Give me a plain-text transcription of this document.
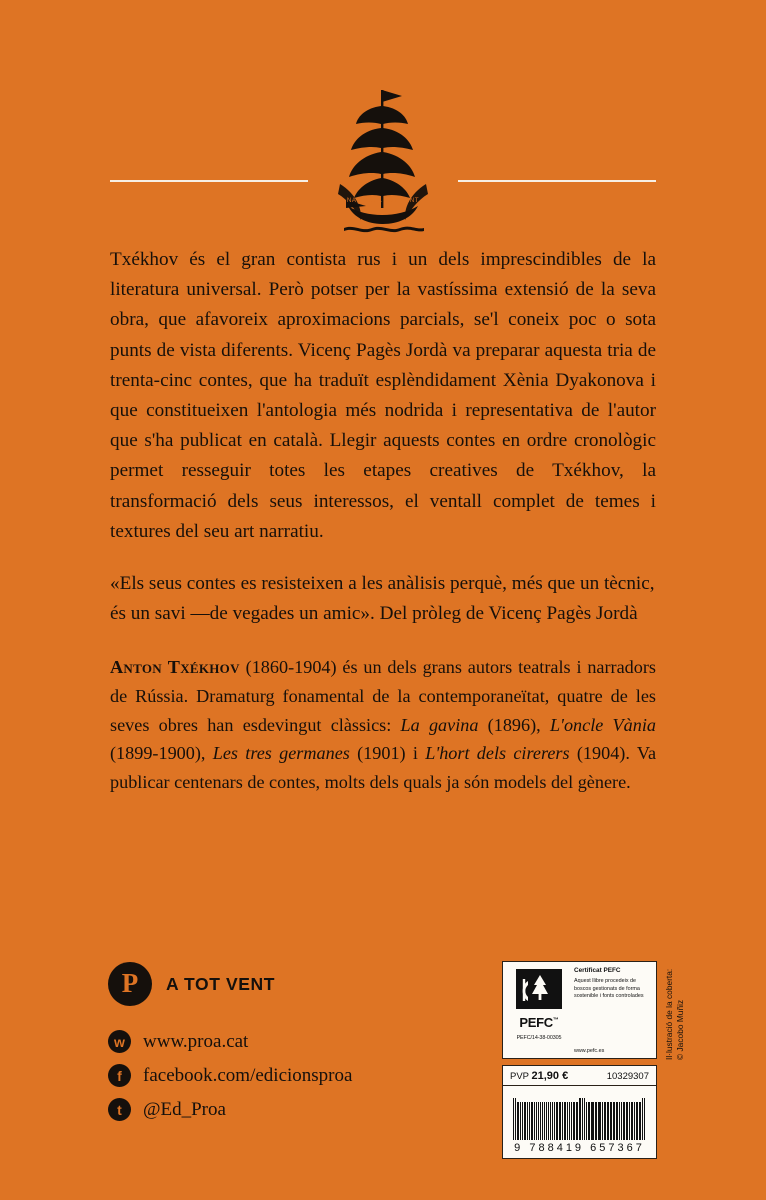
NAVEGA A TOT VENT

Txékhov és el gran contista rus i un dels imprescindibles de la literatura universal. Però potser per la vastíssima extensió de la seva obra, que afavoreix aproximacions parcials, se'l coneix poc o sota punts de vista diferents. Vicenç Pagès Jordà va preparar aquesta tria de trenta-cinc contes, que ha traduït esplèndidament Xènia Dyakonova i que constitueixen l'antologia més nodrida i representativa de l'autor que s'ha publicat en català. Llegir aquests contes en ordre cronològic permet resseguir totes les etapes creatives de Txékhov, la transformació dels seus interessos, el ventall complet de temes i textures del seu art narratiu.

«Els seus contes es resisteixen a les anàlisis perquè, més que un tècnic, és un savi —de vegades un amic». Del pròleg de Vicenç Pagès Jordà

Anton Txékhov (1860-1904) és un dels grans autors teatrals i narradors de Rússia. Dramaturg fonamental de la contemporaneïtat, quatre de les seves obres han esdevingut clàssics: La gavina (1896), L'oncle Vània (1899-1900), Les tres germanes (1901) i L'hort dels cirerers (1904). Va publicar centenars de contes, molts dels quals ja són models del gènere.

P	A TOT VENT
w www.proa.cat
f	facebook.com/edicionsproa
t	@Ed_Proa
PEFC™
PEFC/14-38-00305
Certificat PEFC
Aquest llibre procedeix de boscos gestionats de forma sostenible i fonts controlades
www.pefc.es
PVP 21,90 €	10329307
9 788419 657367
Il·lustració de la coberta: © Jacobo Muñiz
